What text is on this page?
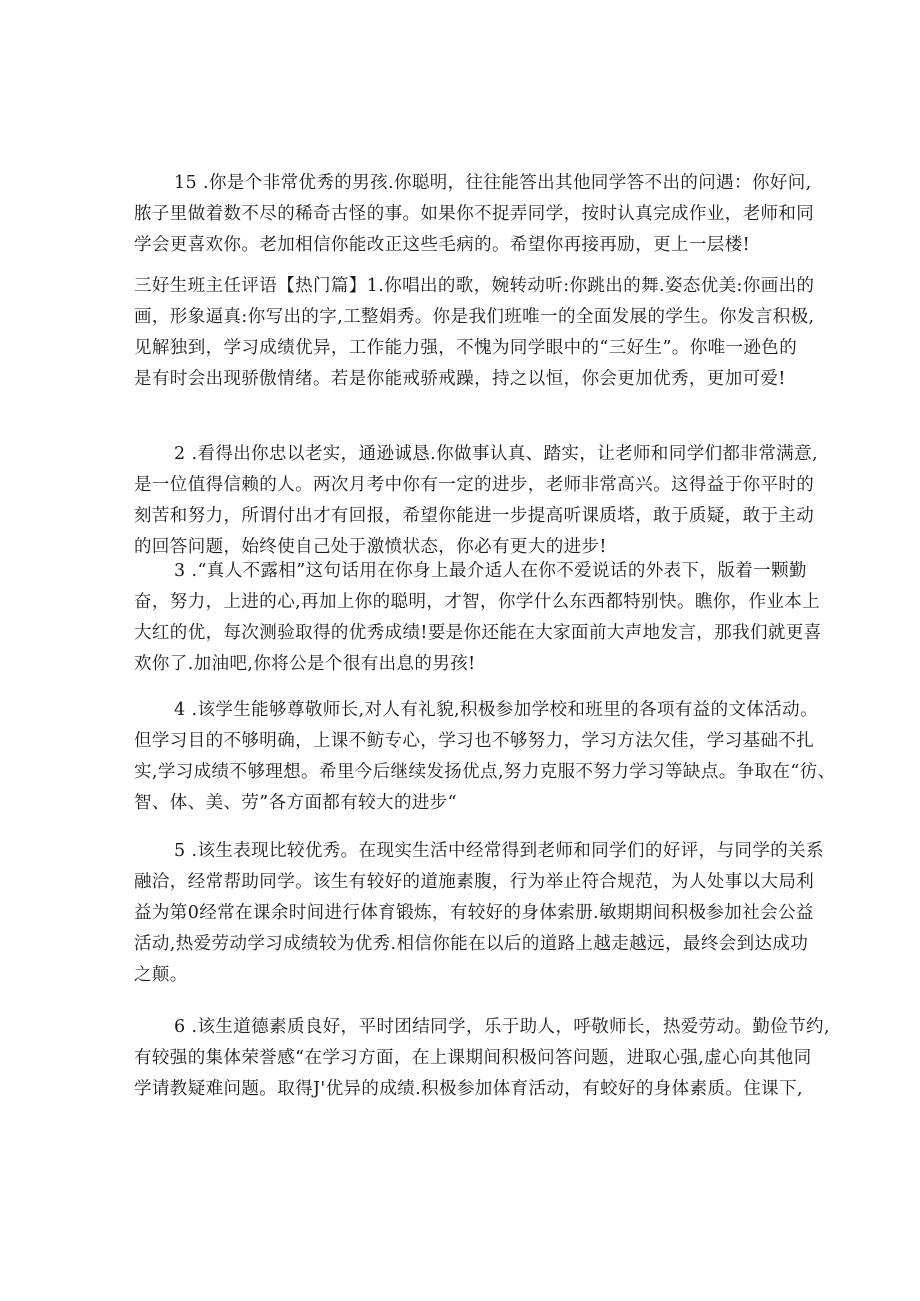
15 .你是个非常优秀的男孩.你聪明，往往能答出其他同学答不出的问遇：你好问,
脓子里做着数不尽的稀奇古怪的事。如果你不捉弄同学，按时认真完成作业，老师和同
学会更喜欢你。老加相信你能改正这些毛病的。希望你再接再励，更上一层楼!
三好生班主任评语【热门篇】1.你唱出的歌，婉转动听:你跳出的舞.姿态优美:你画出的
画，形象逼真:你写出的字,工整娟秀。你是我们班唯一的全面发展的学生。你发言积极,
见解独到，学习成绩优异，工作能力强，不愧为同学眼中的“三好生”。你唯一逊色的
是有时会出现骄傲情绪。若是你能戒骄戒躁，持之以恒，你会更加优秀，更加可爱!
2 .看得出你忠以老实，通逊诚恳.你做事认真、踏实，让老师和同学们都非常满意,
是一位值得信赖的人。两次月考中你有一定的进步，老师非常高兴。这得益于你平时的
刻苦和努力，所谓付出才有回报，希望你能进一步提高听课质塔，敢于质疑，敢于主动
的回答问题，始终使自己处于激愤状态，你必有更大的进步!
3 .“真人不露相”这句话用在你身上最介适人在你不爱说话的外表下，版着一颗勤
奋，努力，上进的心,再加上你的聪明，才智，你学什么东西都特别快。瞧你，作业本上
大红的优，每次测验取得的优秀成绩!要是你还能在大家面前大声地发言，那我们就更喜
欢你了.加油吧,你将公是个很有出息的男孩!
4 .该学生能够尊敬师长,对人有礼貌,积极参加学校和班里的各项有益的文体活动。
但学习目的不够明确，上课不鲂专心，学习也不够努力，学习方法欠佳，学习基础不扎
实,学习成绩不够理想。希里今后继续发扬优点,努力克服不努力学习等缺点。争取在“彷、
智、体、美、劳”各方面都有较大的进步“
5 .该生表现比较优秀。在现实生活中经常得到老师和同学们的好评，与同学的关系
融洽，经常帮助同学。该生有较好的道施素腹，行为举止符合规范，为人处事以大局利
益为第0经常在课余时间进行体育锻炼，有较好的身体索册.敏期期间积极参加社会公益
活动,热爱劳动学习成绩较为优秀.相信你能在以后的道路上越走越远，最终会到达成功
之颠。
6 .该生道德素质良好，平时团结同学，乐于助人，呼敬师长，热爱劳动。勤俭节约,
有较强的集体荣誉感“在学习方面，在上课期间积极问答问题，进取心强,虚心向其他同
学请教疑难问题。取得J'优异的成绩.积极参加体育活动，有蛟好的身体素质。住课下,
